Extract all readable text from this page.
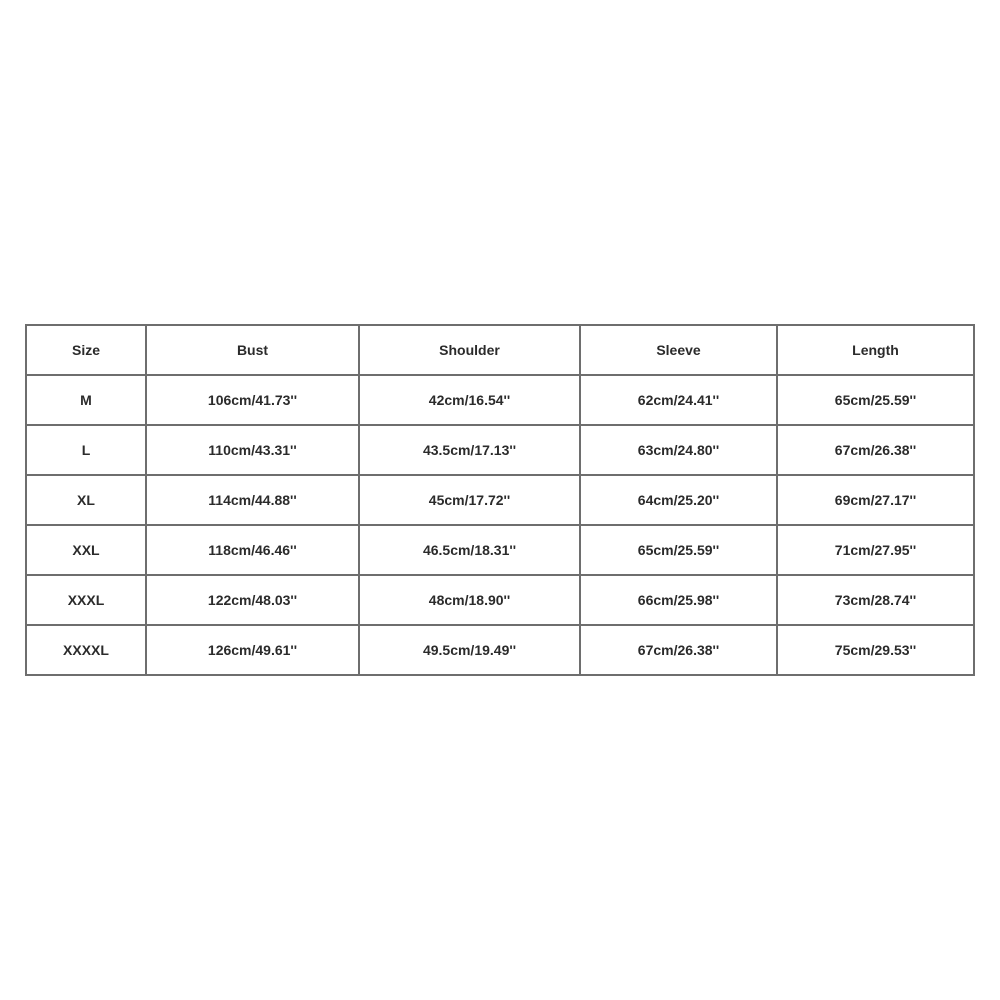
Size	Bust	Shoulder	Sleeve	Length
M	106cm/41.73''	42cm/16.54''	62cm/24.41''	65cm/25.59''
L	110cm/43.31''	43.5cm/17.13''	63cm/24.80''	67cm/26.38''
XL	114cm/44.88''	45cm/17.72''	64cm/25.20''	69cm/27.17''
XXL	118cm/46.46''	46.5cm/18.31''	65cm/25.59''	71cm/27.95''
XXXL	122cm/48.03''	48cm/18.90''	66cm/25.98''	73cm/28.74''
XXXXL	126cm/49.61''	49.5cm/19.49''	67cm/26.38''	75cm/29.53''
